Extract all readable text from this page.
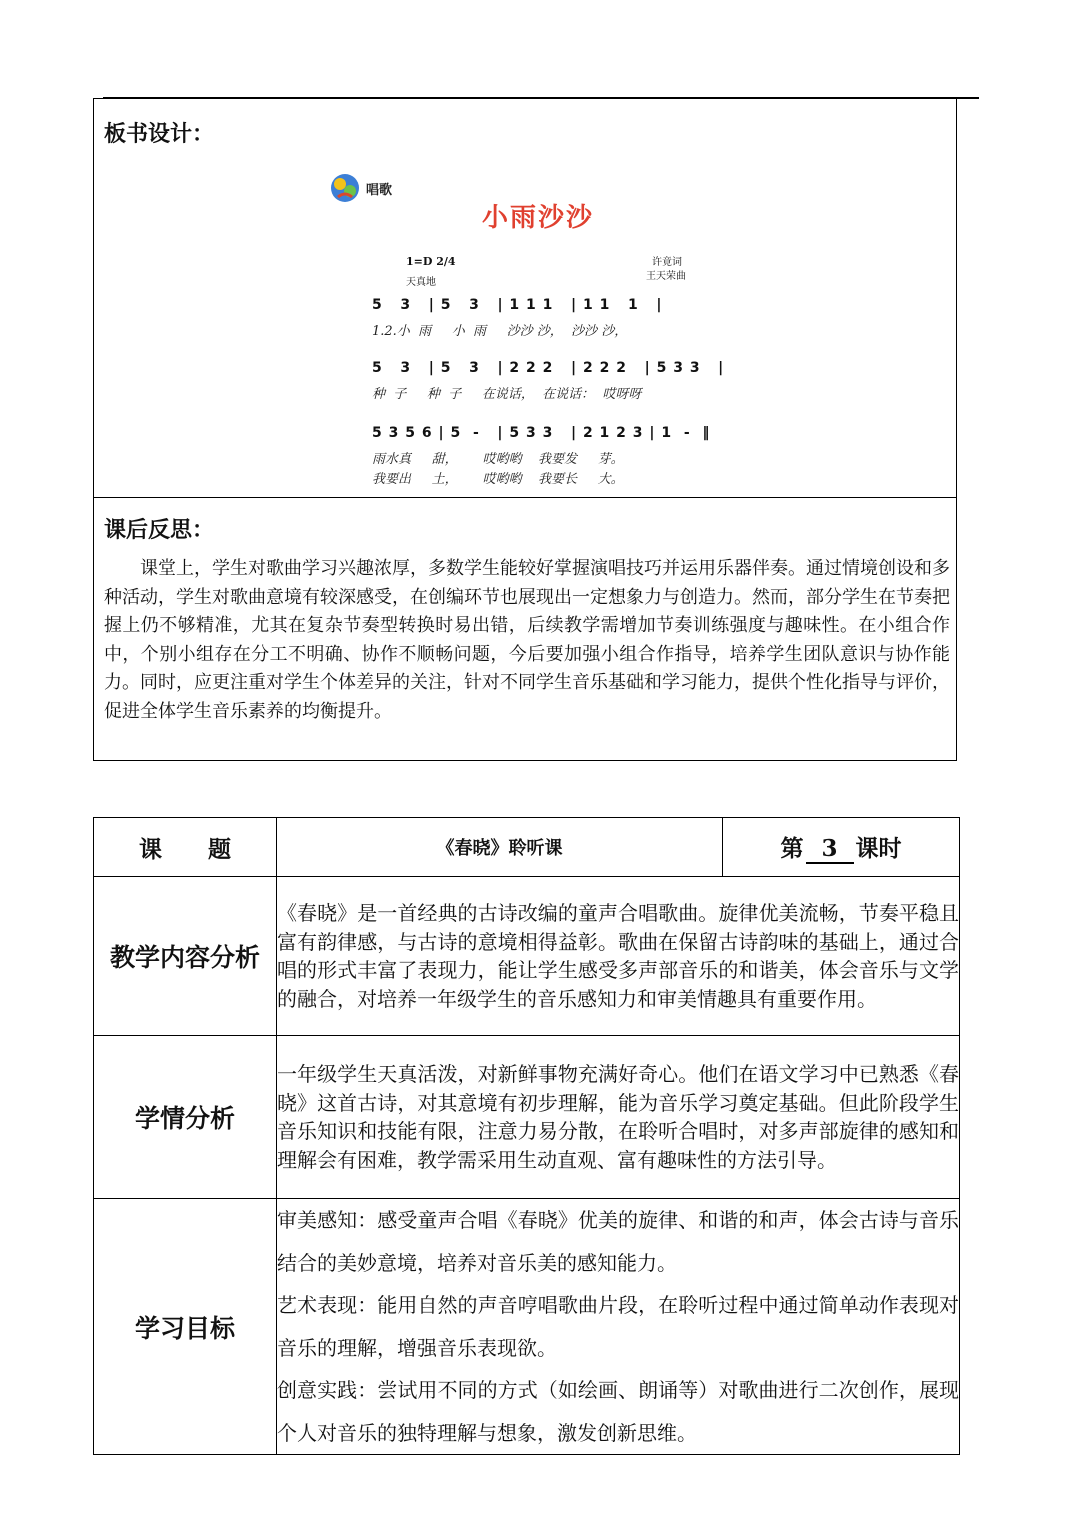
板书设计：
唱歌
小雨沙沙
1=D 2/4
天真地
许竟词
王天荣曲
5   3   | 5   3   | 1 1 1   | 1 1   1   |
1.2.小  雨     小  雨     沙沙 沙，  沙沙 沙，
5   3   | 5   3   | 2 2 2   | 2 2 2   | 5 3 3   |
种  子     种  子     在说话，  在说话：  哎呀呀
5 3 5 6 | 5  -   | 5 3 3   | 2 1 2 3 | 1  -  ‖
雨水真     甜，      哎哟哟    我要发     芽。
我要出     土，      哎哟哟    我要长     大。
课后反思：
课堂上，学生对歌曲学习兴趣浓厚，多数学生能较好掌握演唱技巧并运用乐器伴奏。通过情境创设和多种活动，学生对歌曲意境有较深感受，在创编环节也展现出一定想象力与创造力。然而，部分学生在节奏把握上仍不够精准，尤其在复杂节奏型转换时易出错，后续教学需增加节奏训练强度与趣味性。在小组合作中，个别小组存在分工不明确、协作不顺畅问题，今后要加强小组合作指导，培养学生团队意识与协作能力。同时，应更注重对学生个体差异的关注，针对不同学生音乐基础和学习能力，提供个性化指导与评价，促进全体学生音乐素养的均衡提升。
课　　题	《春晓》聆听课	第 3 课时
教学内容分析	《春晓》是一首经典的古诗改编的童声合唱歌曲。旋律优美流畅，节奏平稳且富有韵律感，与古诗的意境相得益彰。歌曲在保留古诗韵味的基础上，通过合唱的形式丰富了表现力，能让学生感受多声部音乐的和谐美，体会音乐与文学的融合，对培养一年级学生的音乐感知力和审美情趣具有重要作用。	
学情分析	一年级学生天真活泼，对新鲜事物充满好奇心。他们在语文学习中已熟悉《春晓》这首古诗，对其意境有初步理解，能为音乐学习奠定基础。但此阶段学生音乐知识和技能有限，注意力易分散，在聆听合唱时，对多声部旋律的感知和理解会有困难，教学需采用生动直观、富有趣味性的方法引导。	
学习目标	审美感知：感受童声合唱《春晓》优美的旋律、和谐的和声，体会古诗与音乐结合的美妙意境，培养对音乐美的感知能力。

艺术表现：能用自然的声音哼唱歌曲片段，在聆听过程中通过简单动作表现对音乐的理解，增强音乐表现欲。

创意实践：尝试用不同的方式（如绘画、朗诵等）对歌曲进行二次创作，展现个人对音乐的独特理解与想象，激发创新思维。	
